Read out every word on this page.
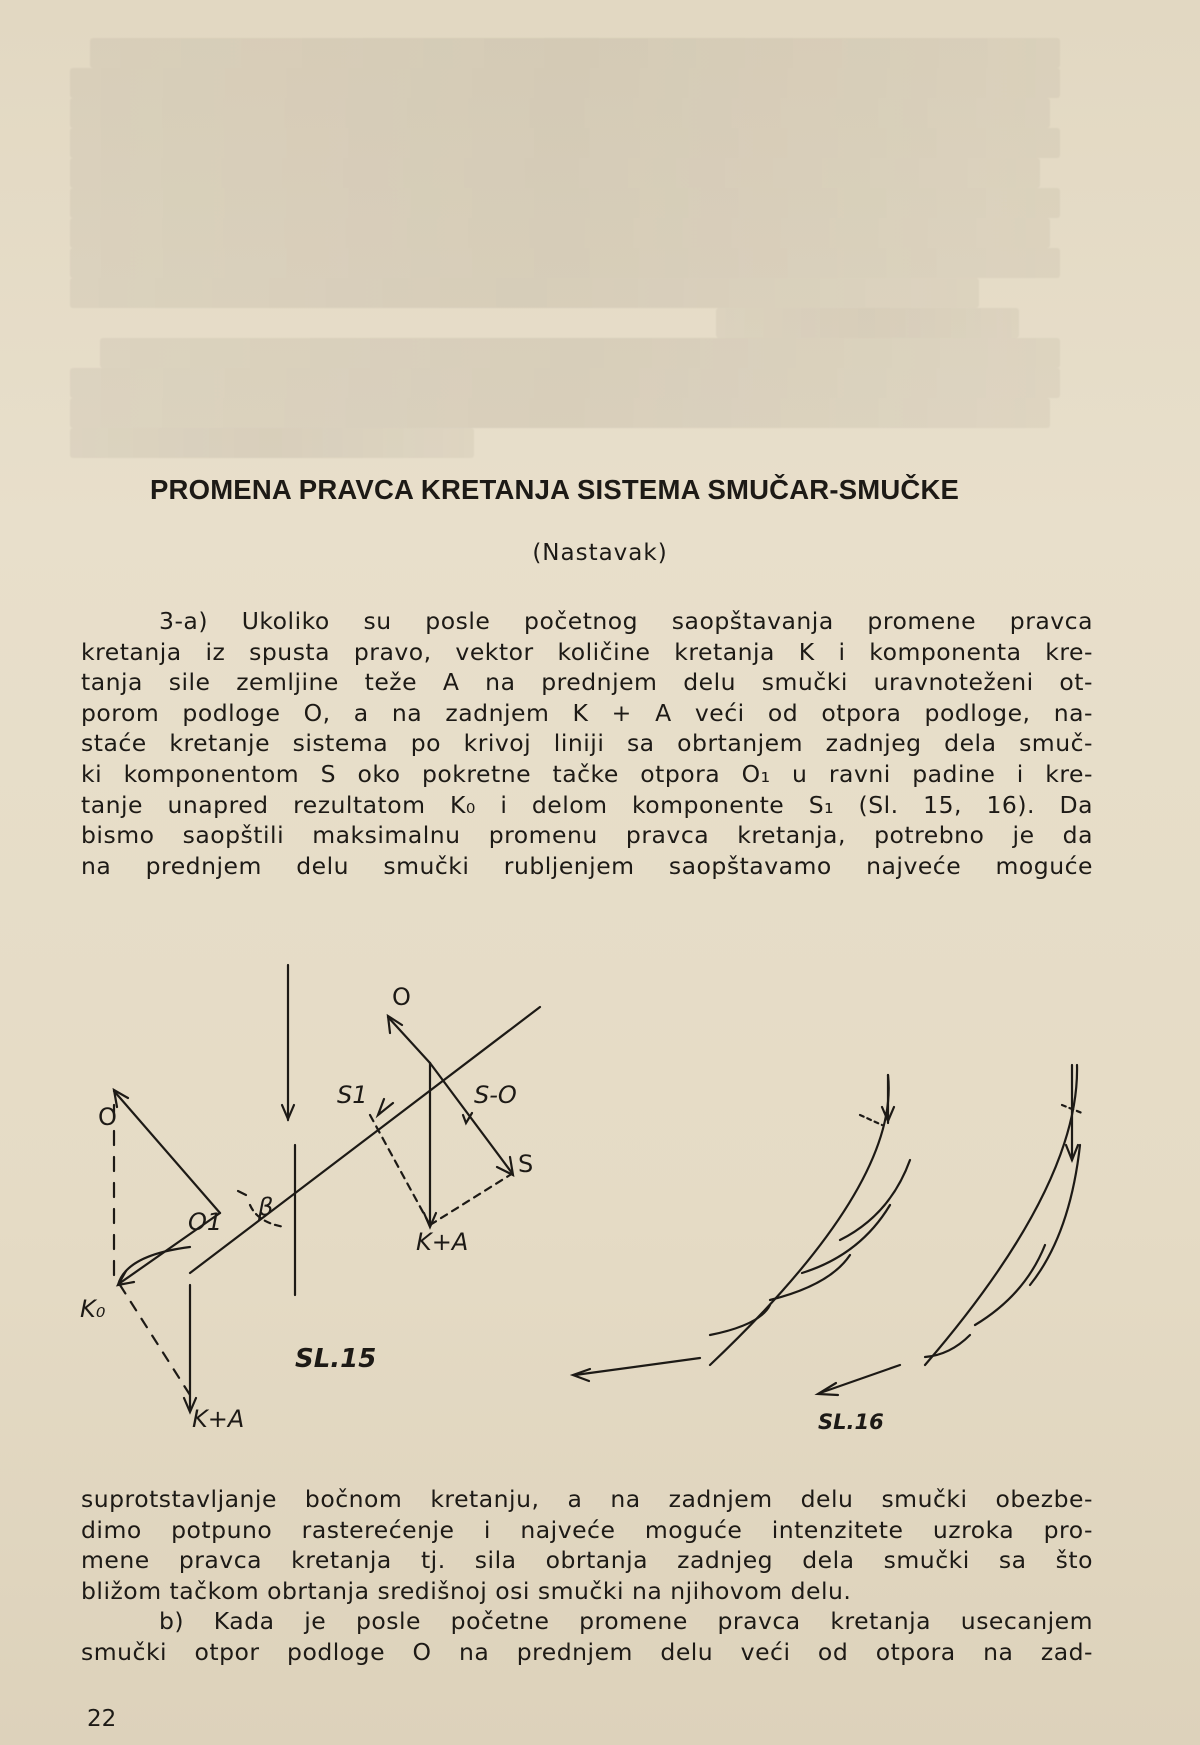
PROMENA PRAVCA KRETANJA SISTEMA SMUČAR-SMUČKE
(Nastavak)
3-a) Ukoliko su posle početnog saopštavanja promene pravca
kretanja iz spusta pravo, vektor količine kretanja K i komponenta kre-
tanja sile zemljine teže A na prednjem delu smučki uravnoteženi ot-
porom podloge O, a na zadnjem K + A veći od otpora podloge, na-
staće kretanje sistema po krivoj liniji sa obrtanjem zadnjeg dela smuč-
ki komponentom S oko pokretne tačke otpora O₁ u ravni padine i kre-
tanje unapred rezultatom K₀ i delom komponente S₁ (Sl. 15, 16). Da
bismo saopštili maksimalnu promenu pravca kretanja, potrebno je da
na prednjem delu smučki rubljenjem saopštavamo najveće moguće
O
O
S1	S-O
S
O1
β
K+A
K₀
K+A
SL.15
SL.16
suprotstavljanje bočnom kretanju, a na zadnjem delu smučki obezbe-
dimo potpuno rasterećenje i najveće moguće intenzitete uzroka pro-
mene pravca kretanja tj. sila obrtanja zadnjeg dela smučki sa što
bližom tačkom obrtanja središnoj osi smučki na njihovom delu.
b) Kada je posle početne promene pravca kretanja usecanjem
smučki otpor podloge O na prednjem delu veći od otpora na zad-
22
